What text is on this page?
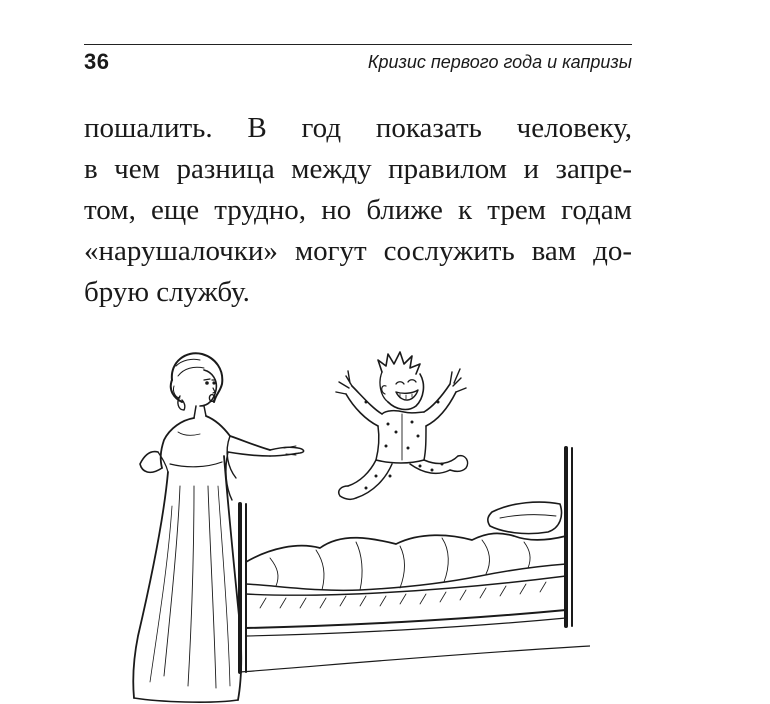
36	Кризис первого года и капризы

пошалить. В год показать человеку,
в чем разница между правилом и запре-
том, еще трудно, но ближе к трем годам
«нарушалочки» могут сослужить вам до-
брую службу.
